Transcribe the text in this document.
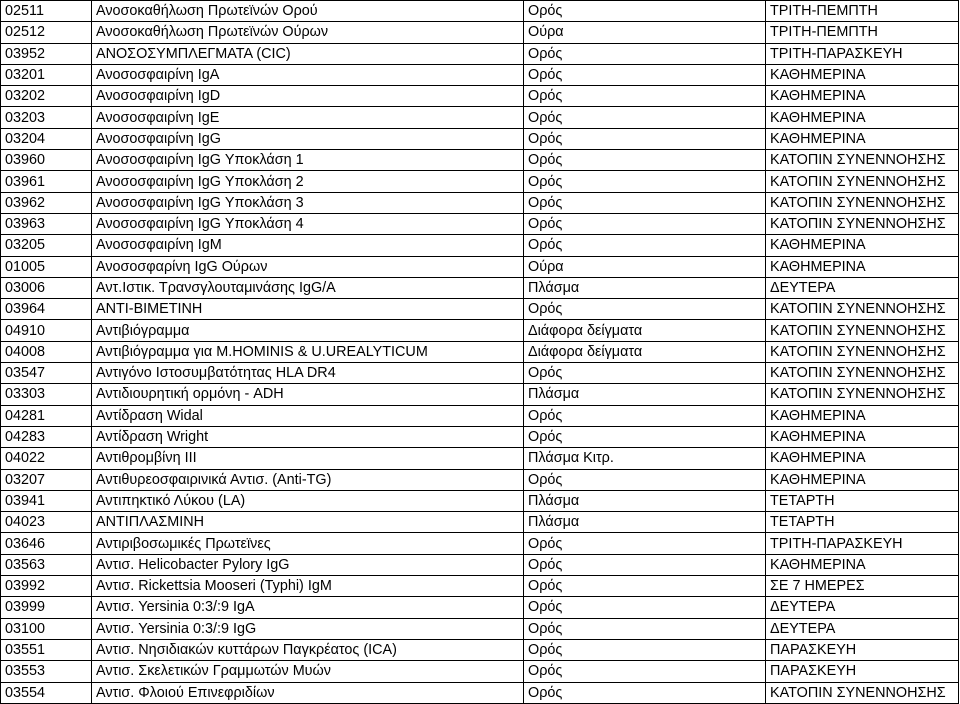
02511	Ανοσοκαθήλωση Πρωτεϊνών Ορού	Ορός	ΤΡΙΤΗ-ΠΕΜΠΤΗ
02512	Ανοσοκαθήλωση Πρωτεϊνών Ούρων	Ούρα	ΤΡΙΤΗ-ΠΕΜΠΤΗ
03952	ΑΝΟΣΟΣΥΜΠΛΕΓΜΑΤΑ (CIC)	Ορός	ΤΡΙΤΗ-ΠΑΡΑΣΚΕΥΗ
03201	Ανοσοσφαιρίνη IgA	Ορός	ΚΑΘΗΜΕΡΙΝΑ
03202	Ανοσοσφαιρίνη IgD	Ορός	ΚΑΘΗΜΕΡΙΝΑ
03203	Ανοσοσφαιρίνη IgE	Ορός	ΚΑΘΗΜΕΡΙΝΑ
03204	Ανοσοσφαιρίνη IgG	Ορός	ΚΑΘΗΜΕΡΙΝΑ
03960	Ανοσοσφαιρίνη IgG Υποκλάση 1	Ορός	ΚΑΤΟΠΙΝ ΣΥΝΕΝΝΟΗΣΗΣ
03961	Ανοσοσφαιρίνη IgG Υποκλάση 2	Ορός	ΚΑΤΟΠΙΝ ΣΥΝΕΝΝΟΗΣΗΣ
03962	Ανοσοσφαιρίνη IgG Υποκλάση 3	Ορός	ΚΑΤΟΠΙΝ ΣΥΝΕΝΝΟΗΣΗΣ
03963	Ανοσοσφαιρίνη IgG Υποκλάση 4	Ορός	ΚΑΤΟΠΙΝ ΣΥΝΕΝΝΟΗΣΗΣ
03205	Ανοσοσφαιρίνη IgM	Ορός	ΚΑΘΗΜΕΡΙΝΑ
01005	Ανοσοσφαρίνη IgG Ούρων	Ούρα	ΚΑΘΗΜΕΡΙΝΑ
03006	Αντ.Ιστικ. Τρανσγλουταμινάσης IgG/A	Πλάσμα	ΔΕΥΤΕΡΑ
03964	ΑΝΤΙ-ΒΙΜΕΤΙΝΗ	Ορός	ΚΑΤΟΠΙΝ ΣΥΝΕΝΝΟΗΣΗΣ
04910	Αντιβιόγραμμα	Διάφορα δείγματα	ΚΑΤΟΠΙΝ ΣΥΝΕΝΝΟΗΣΗΣ
04008	Αντιβιόγραμμα για M.HOMINIS & U.UREALYTICUM	Διάφορα δείγματα	ΚΑΤΟΠΙΝ ΣΥΝΕΝΝΟΗΣΗΣ
03547	Αντιγόνο Ιστοσυμβατότητας HLA DR4	Ορός	ΚΑΤΟΠΙΝ ΣΥΝΕΝΝΟΗΣΗΣ
03303	Αντιδιουρητική ορμόνη - ADH	Πλάσμα	ΚΑΤΟΠΙΝ ΣΥΝΕΝΝΟΗΣΗΣ
04281	Αντίδραση Widal	Ορός	ΚΑΘΗΜΕΡΙΝΑ
04283	Αντίδραση Wright	Ορός	ΚΑΘΗΜΕΡΙΝΑ
04022	Αντιθρομβίνη III	Πλάσμα Κιτρ.	ΚΑΘΗΜΕΡΙΝΑ
03207	Αντιθυρεοσφαιρινικά Αντισ. (Anti-TG)	Ορός	ΚΑΘΗΜΕΡΙΝΑ
03941	Αντιπηκτικό Λύκου (LA)	Πλάσμα	ΤΕΤΑΡΤΗ
04023	ΑΝΤΙΠΛΑΣΜΙΝΗ	Πλάσμα	ΤΕΤΑΡΤΗ
03646	Αντιριβοσωμικές Πρωτεϊνες	Ορός	ΤΡΙΤΗ-ΠΑΡΑΣΚΕΥΗ
03563	Αντισ. Helicobacter Pylory IgG	Ορός	ΚΑΘΗΜΕΡΙΝΑ
03992	Αντισ. Rickettsia Mooseri (Typhi) IgM	Ορός	ΣΕ 7 ΗΜΕΡΕΣ
03999	Αντισ. Yersinia 0:3/:9 IgA	Ορός	ΔΕΥΤΕΡΑ
03100	Αντισ. Yersinia 0:3/:9 IgG	Ορός	ΔΕΥΤΕΡΑ
03551	Αντισ. Νησιδιακών κυττάρων Παγκρέατος (ICA)	Ορός	ΠΑΡΑΣΚΕΥΗ
03553	Αντισ. Σκελετικών Γραμμωτών Μυών	Ορός	ΠΑΡΑΣΚΕΥΗ
03554	Αντισ. Φλοιού Επινεφριδίων	Ορός	ΚΑΤΟΠΙΝ ΣΥΝΕΝΝΟΗΣΗΣ
